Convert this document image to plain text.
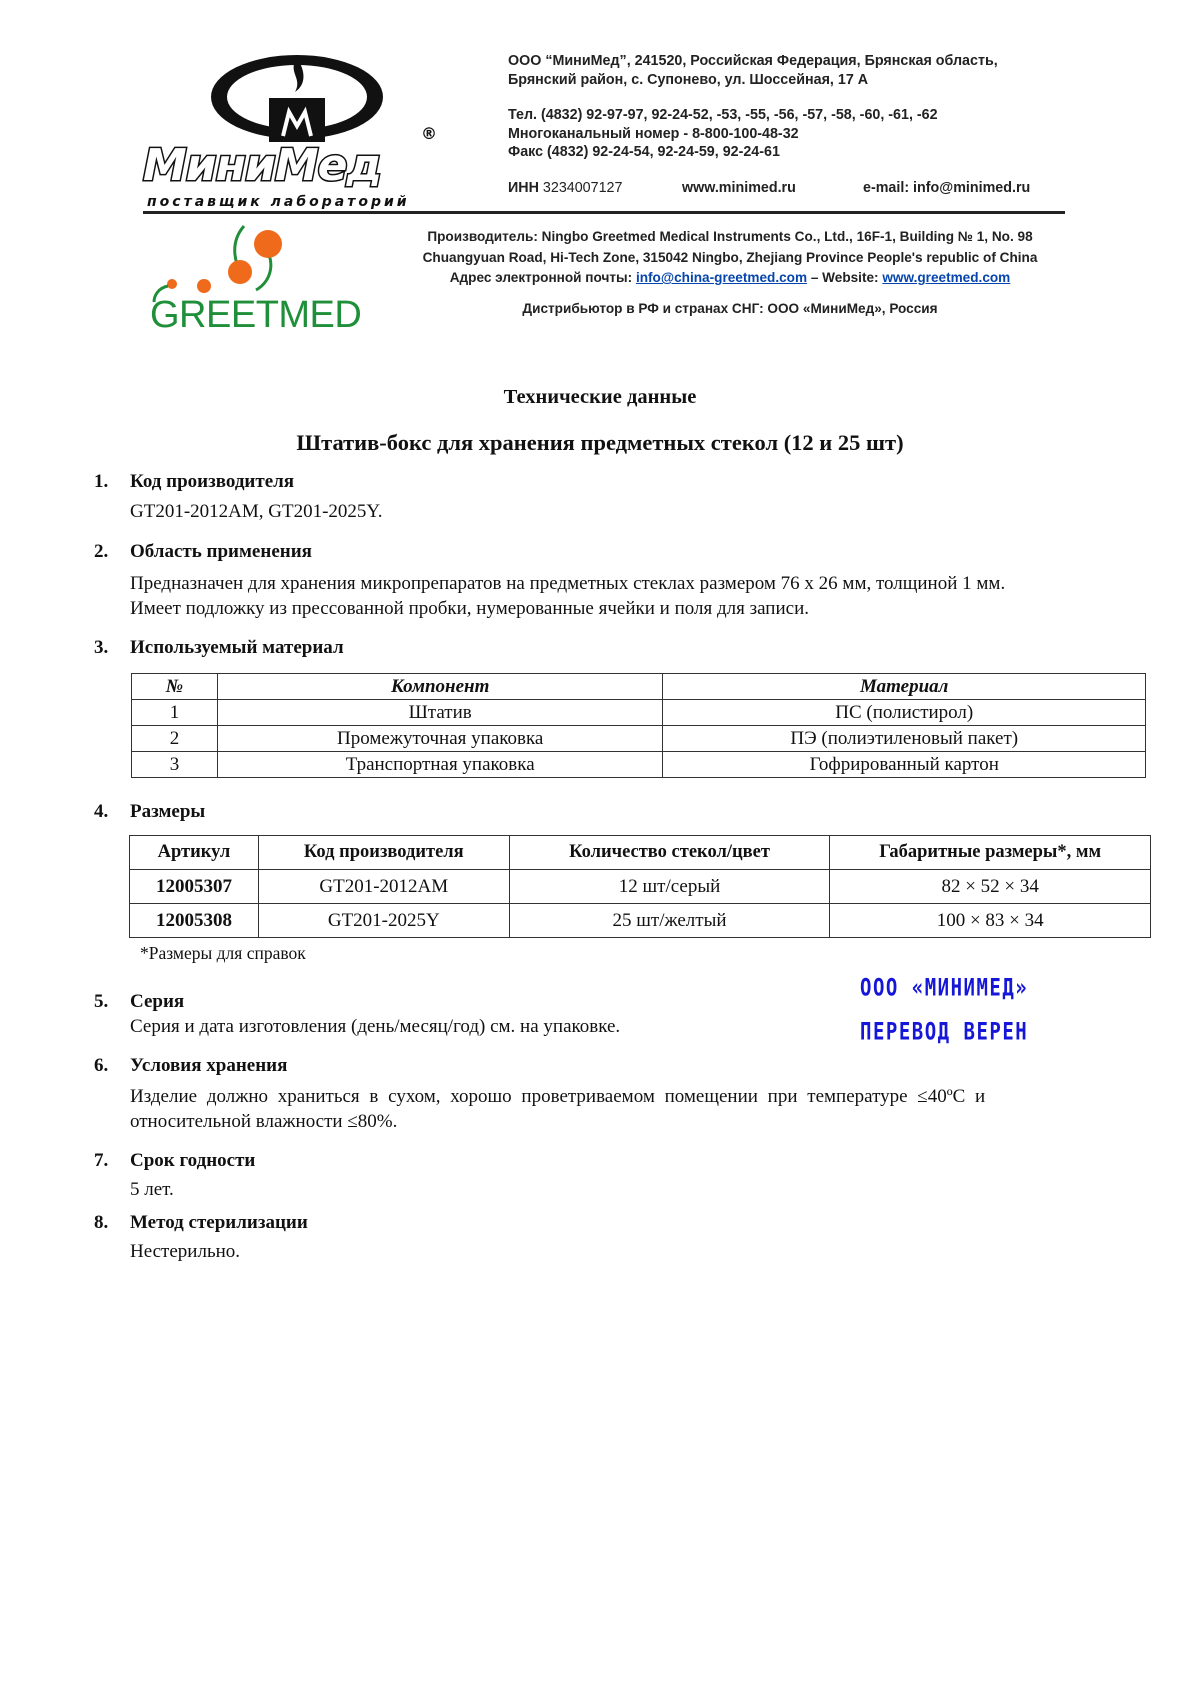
МиниМед
®
поставщик лабораторий
ООО “МиниМед”, 241520, Российская Федерация, Брянская область,
Брянский район, с. Супонево, ул. Шоссейная, 17 А
Тел. (4832) 92-97-97, 92-24-52, -53, -55, -56, -57, -58, -60, -61, -62
Многоканальный номер - 8-800-100-48-32
Факс (4832) 92-24-54, 92-24-59, 92-24-61
ИНН 3234007127	www.minimed.ru	e-mail: info@minimed.ru
GREETMED
Производитель: Ningbo Greetmed Medical Instruments Co., Ltd., 16F-1, Building № 1, No. 98
Chuangyuan Road, Hi-Tech Zone, 315042 Ningbo, Zhejiang Province People's republic of China
Адрес электронной почты: info@china-greetmed.com – Website: www.greetmed.com
Дистрибьютор в РФ и странах СНГ: ООО «МиниМед», Россия
Технические данные
Штатив-бокс для хранения предметных стекол (12 и 25 шт)
1. Код производителя
GT201-2012AM, GT201-2025Y.
2. Область применения
Предназначен для хранения микропрепаратов на предметных стеклах размером 76 x 26 мм, толщиной 1 мм.
Имеет подложку из прессованной пробки, нумерованные ячейки и поля для записи.
3. Используемый материал
№	Компонент	Материал
1	Штатив	ПС (полистирол)
2	Промежуточная упаковка	ПЭ (полиэтиленовый пакет)
3	Транспортная упаковка	Гофрированный картон
4. Размеры
Артикул	Код производителя	Количество стекол/цвет	Габаритные размеры*, мм
12005307	GT201-2012AM	12 шт/серый	82 × 52 × 34
12005308	GT201-2025Y	25 шт/желтый	100 × 83 × 34
*Размеры для справок
5. Серия
Серия и дата изготовления (день/месяц/год) см. на упаковке.
ООО «МИНИМЕД»
ПЕРЕВОД ВЕРЕН
6. Условия хранения
Изделие должно храниться в сухом, хорошо проветриваемом помещении при температуре ≤40ºC и
относительной влажности ≤80%.
7. Срок годности
5 лет.
8. Метод стерилизации
Нестерильно.
